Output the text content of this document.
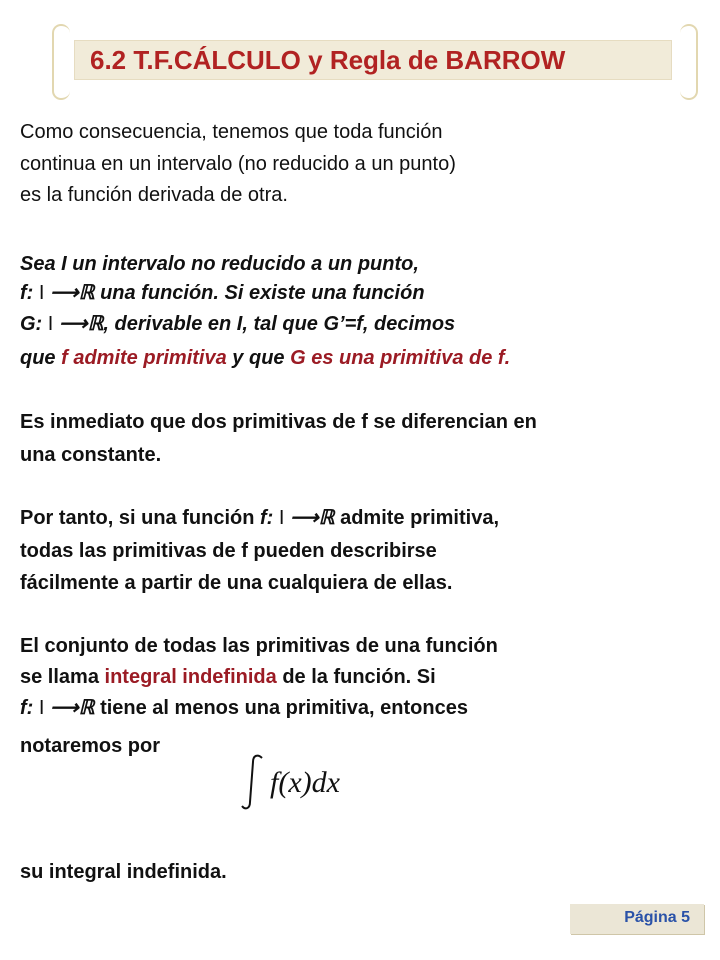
6.2 T.F.CÁLCULO y Regla de BARROW
Como consecuencia, tenemos que toda función
continua en un intervalo (no reducido a un punto)
es la función derivada de otra.
Sea I un intervalo no reducido a un punto,
f: I ⟶ℝ una función. Si existe una función
G: I ⟶ℝ, derivable en I, tal que G’=f, decimos
que f admite primitiva y que G es una primitiva de f.
Es inmediato que dos primitivas de f se diferencian en
una constante.
Por tanto, si una función f: I ⟶ℝ admite primitiva,
todas las primitivas de f pueden describirse
fácilmente a partir de una cualquiera de ellas.
El conjunto de todas las primitivas de una función
se llama integral indefinida de la función. Si
f: I ⟶ℝ tiene al menos una primitiva, entonces
notaremos por
f(x)dx
su integral indefinida.

Página 5
